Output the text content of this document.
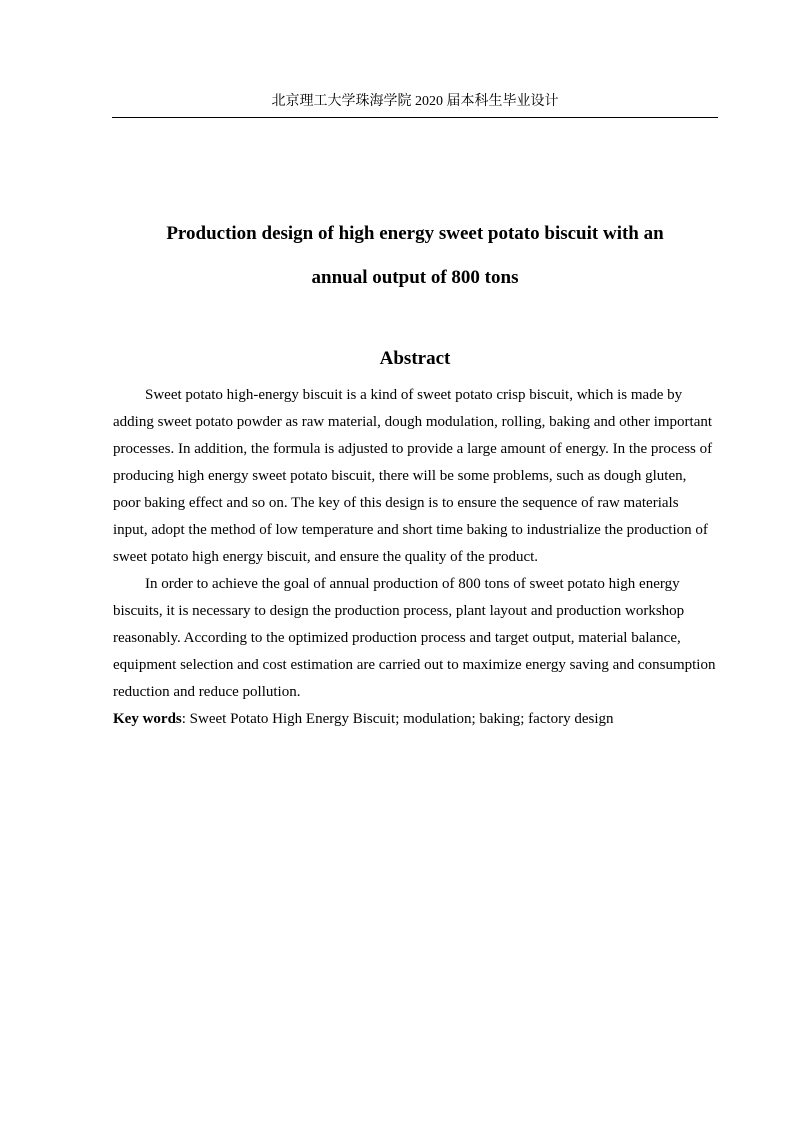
北京理工大学珠海学院 2020 届本科生毕业设计
Production design of high energy sweet potato biscuit with an
annual output of 800 tons
Abstract

Sweet potato high-energy biscuit is a kind of sweet potato crisp biscuit, which is made by adding sweet potato powder as raw material, dough modulation, rolling, baking and other important processes. In addition, the formula is adjusted to provide a large amount of energy. In the process of producing high energy sweet potato biscuit, there will be some problems, such as dough gluten, poor baking effect and so on. The key of this design is to ensure the sequence of raw materials input, adopt the method of low temperature and short time baking to industrialize the production of sweet potato high energy biscuit, and ensure the quality of the product.

In order to achieve the goal of annual production of 800 tons of sweet potato high energy biscuits, it is necessary to design the production process, plant layout and production workshop reasonably. According to the optimized production process and target output, material balance, equipment selection and cost estimation are carried out to maximize energy saving and consumption reduction and reduce pollution.

Key words: Sweet Potato High Energy Biscuit; modulation; baking; factory design
